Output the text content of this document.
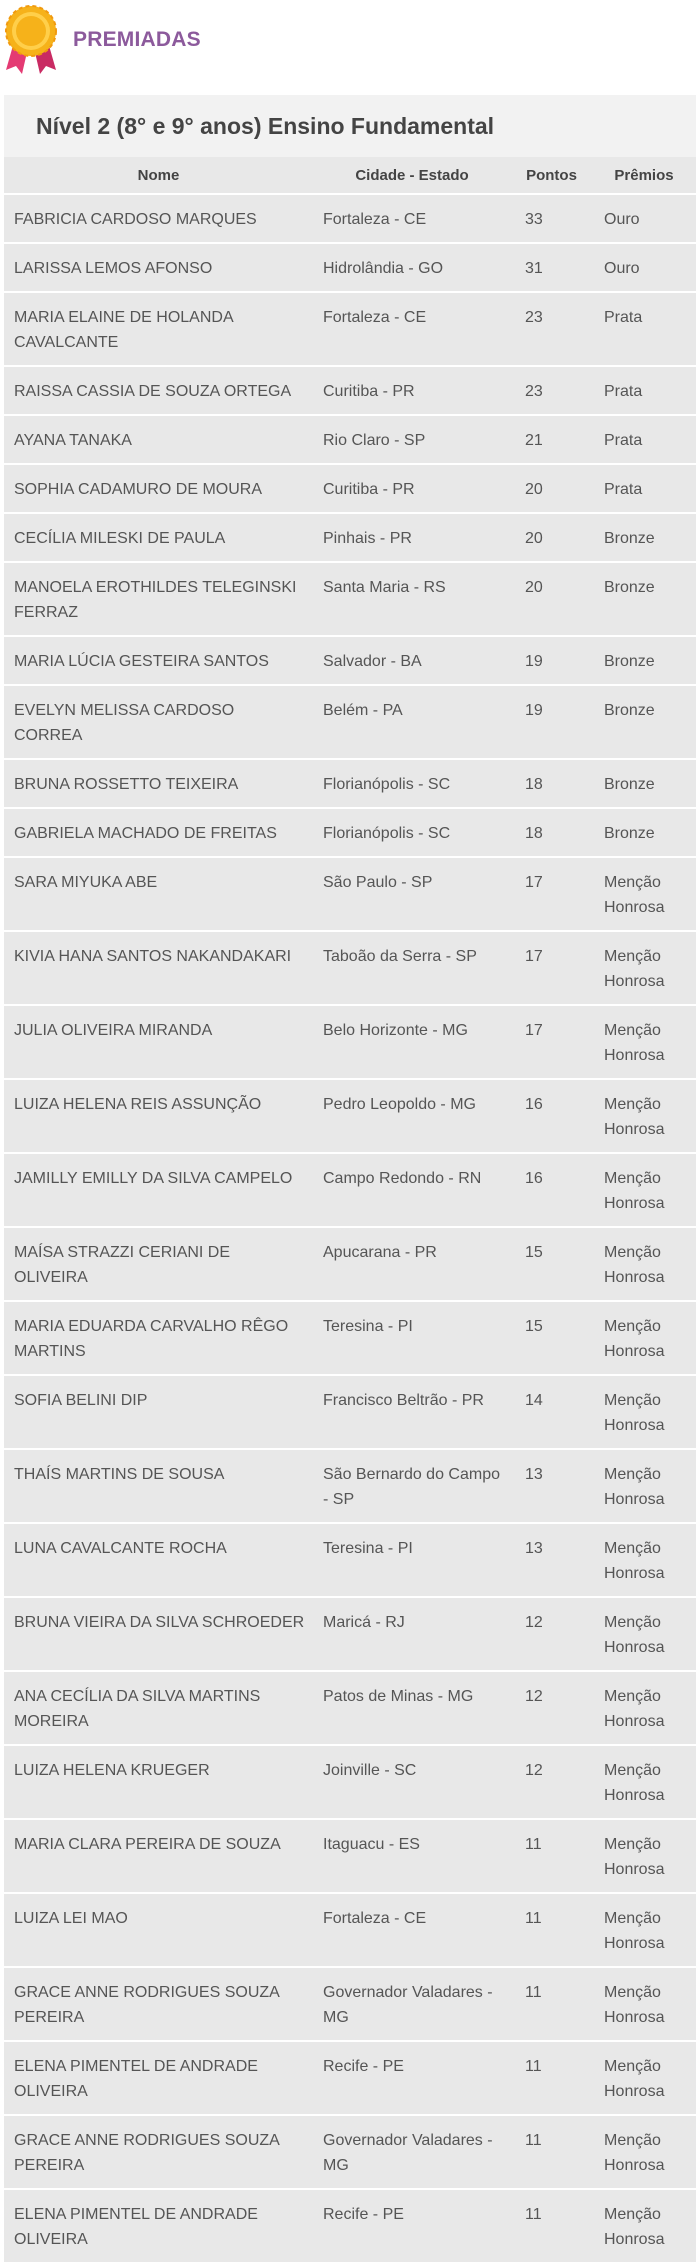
PREMIADAS
Nível 2 (8° e 9° anos) Ensino Fundamental
Nome	Cidade - Estado	Pontos	Prêmios
FABRICIA CARDOSO MARQUES	Fortaleza - CE	33	Ouro
LARISSA LEMOS AFONSO	Hidrolândia - GO	31	Ouro
MARIA ELAINE DE HOLANDA CAVALCANTE	Fortaleza - CE	23	Prata
RAISSA CASSIA DE SOUZA ORTEGA	Curitiba - PR	23	Prata
AYANA TANAKA	Rio Claro - SP	21	Prata
SOPHIA CADAMURO DE MOURA	Curitiba - PR	20	Prata
CECÍLIA MILESKI DE PAULA	Pinhais - PR	20	Bronze
MANOELA EROTHILDES TELEGINSKI FERRAZ	Santa Maria - RS	20	Bronze
MARIA LÚCIA GESTEIRA SANTOS	Salvador - BA	19	Bronze
EVELYN MELISSA CARDOSO CORREA	Belém - PA	19	Bronze
BRUNA ROSSETTO TEIXEIRA	Florianópolis - SC	18	Bronze
GABRIELA MACHADO DE FREITAS	Florianópolis - SC	18	Bronze
SARA MIYUKA ABE	São Paulo - SP	17	Menção Honrosa
KIVIA HANA SANTOS NAKANDAKARI	Taboão da Serra - SP	17	Menção Honrosa
JULIA OLIVEIRA MIRANDA	Belo Horizonte - MG	17	Menção Honrosa
LUIZA HELENA REIS ASSUNÇÃO	Pedro Leopoldo - MG	16	Menção Honrosa
JAMILLY EMILLY DA SILVA CAMPELO	Campo Redondo - RN	16	Menção Honrosa
MAÍSA STRAZZI CERIANI DE OLIVEIRA	Apucarana - PR	15	Menção Honrosa
MARIA EDUARDA CARVALHO RÊGO MARTINS	Teresina - PI	15	Menção Honrosa
SOFIA BELINI DIP	Francisco Beltrão - PR	14	Menção Honrosa
THAÍS MARTINS DE SOUSA	São Bernardo do Campo - SP	13	Menção Honrosa
LUNA CAVALCANTE ROCHA	Teresina - PI	13	Menção Honrosa
BRUNA VIEIRA DA SILVA SCHROEDER	Maricá - RJ	12	Menção Honrosa
ANA CECÍLIA DA SILVA MARTINS MOREIRA	Patos de Minas - MG	12	Menção Honrosa
LUIZA HELENA KRUEGER	Joinville - SC	12	Menção Honrosa
MARIA CLARA PEREIRA DE SOUZA	Itaguacu - ES	11	Menção Honrosa
LUIZA LEI MAO	Fortaleza - CE	11	Menção Honrosa
GRACE ANNE RODRIGUES SOUZA PEREIRA	Governador Valadares - MG	11	Menção Honrosa
ELENA PIMENTEL DE ANDRADE OLIVEIRA	Recife - PE	11	Menção Honrosa
GRACE ANNE RODRIGUES SOUZA PEREIRA	Governador Valadares - MG	11	Menção Honrosa
ELENA PIMENTEL DE ANDRADE OLIVEIRA	Recife - PE	11	Menção Honrosa
